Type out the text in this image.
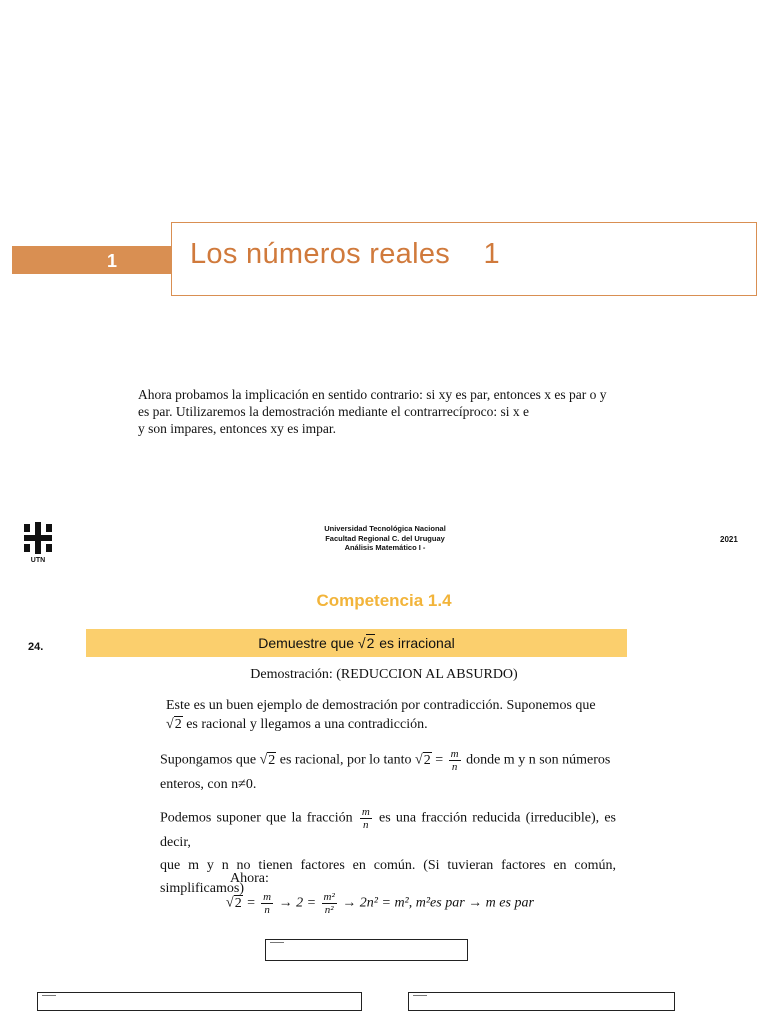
1	Los números reales    1
Ahora probamos la implicación en sentido contrario: si xy es par, entonces x es par o y
es par. Utilizaremos la demostración mediante el contrarrecíproco: si x e
y son impares, entonces xy es impar.
UTN
Universidad Tecnológica Nacional
Facultad Regional C. del Uruguay
Análisis Matemático I -
2021
Competencia 1.4
24.	Demuestre que √2 es irracional
Demostración: (REDUCCION AL ABSURDO)
Este es un buen ejemplo de demostración por contradicción. Suponemos que
√2 es racional y llegamos a una contradicción.
Supongamos que √2 es racional, por lo tanto $√2 = \frac{m}{n}$ donde m y n son números
enteros, con n≠0.
Podemos suponer que la fracción $\frac{m}{n}$ es una fracción reducida (irreducible), es decir,
que m y n no tienen factores en común. (Si tuvieran factores en común, simplificamos)
Ahora:
$√2 = \frac{m}{n} \to 2 = \frac{\text{m²}}{\text{n²}} \to 2n^2 = m^2$, m²es par → m es par
